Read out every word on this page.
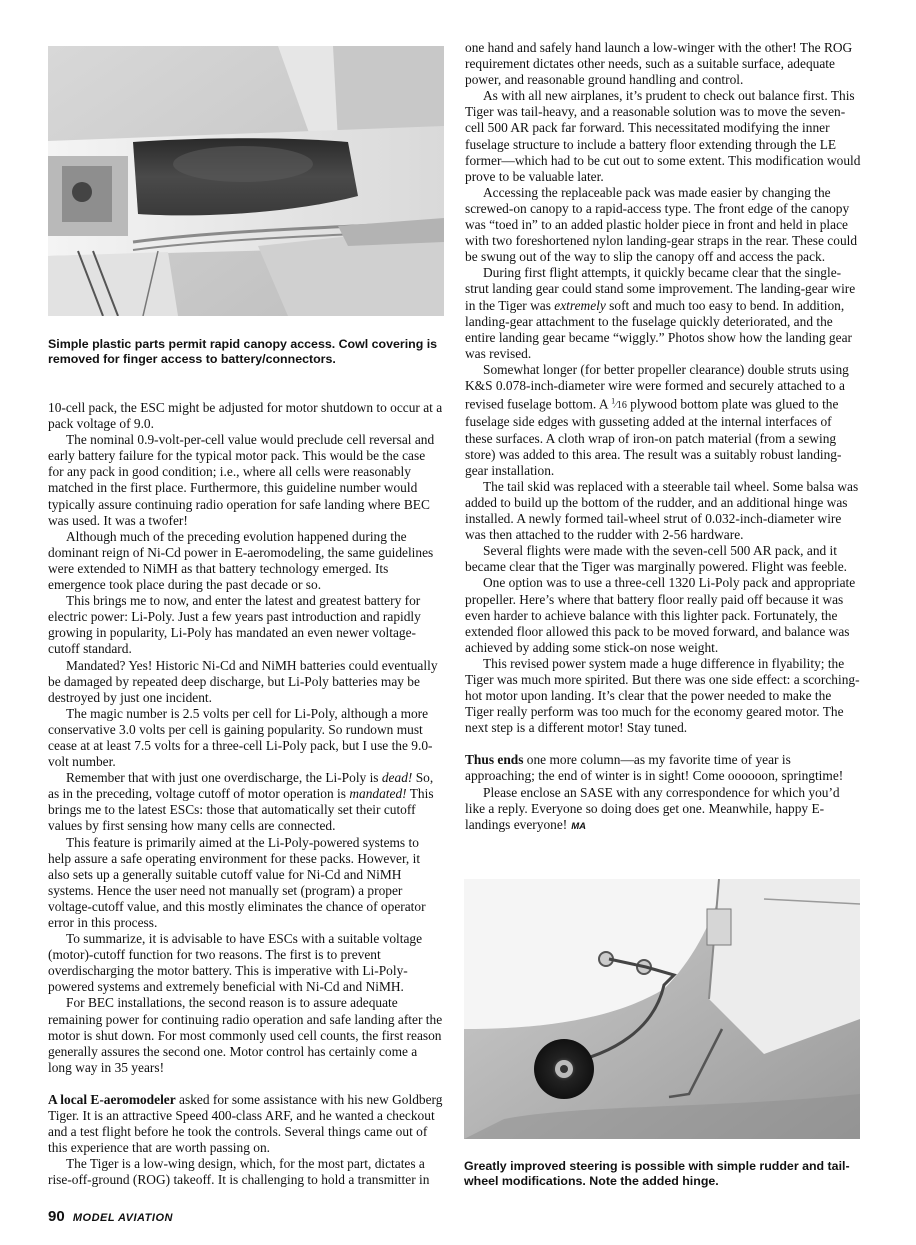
Simple plastic parts permit rapid canopy access. Cowl covering is removed for finger access to battery/connectors.

10-cell pack, the ESC might be adjusted for motor shutdown to occur at a pack voltage of 9.0.

The nominal 0.9-volt-per-cell value would preclude cell reversal and early battery failure for the typical motor pack. This would be the case for any pack in good condition; i.e., where all cells were reasonably matched in the first place. Furthermore, this guideline number would typically assure continuing radio operation for safe landing where BEC was used. It was a twofer!

Although much of the preceding evolution happened during the dominant reign of Ni-Cd power in E-aeromodeling, the same guidelines were extended to NiMH as that battery technology emerged. Its emergence took place during the past decade or so.

This brings me to now, and enter the latest and greatest battery for electric power: Li-Poly. Just a few years past introduction and rapidly growing in popularity, Li-Poly has mandated an even newer voltage-cutoff standard.

Mandated? Yes! Historic Ni-Cd and NiMH batteries could eventually be damaged by repeated deep discharge, but Li-Poly batteries may be destroyed by just one incident.

The magic number is 2.5 volts per cell for Li-Poly, although a more conservative 3.0 volts per cell is gaining popularity. So rundown must cease at at least 7.5 volts for a three-cell Li-Poly pack, but I use the 9.0-volt number.

Remember that with just one overdischarge, the Li-Poly is dead! So, as in the preceding, voltage cutoff of motor operation is mandated! This brings me to the latest ESCs: those that automatically set their cutoff values by first sensing how many cells are connected.

This feature is primarily aimed at the Li-Poly-powered systems to help assure a safe operating environment for these packs. However, it also sets up a generally suitable cutoff value for Ni-Cd and NiMH systems. Hence the user need not manually set (program) a proper voltage-cutoff value, and this mostly eliminates the chance of operator error in this process.

To summarize, it is advisable to have ESCs with a suitable voltage (motor)-cutoff function for two reasons. The first is to prevent overdischarging the motor battery. This is imperative with Li-Poly-powered systems and extremely beneficial with Ni-Cd and NiMH.

For BEC installations, the second reason is to assure adequate remaining power for continuing radio operation and safe landing after the motor is shut down. For most commonly used cell counts, the first reason generally assures the second one. Motor control has certainly come a long way in 35 years!

A local E-aeromodeler asked for some assistance with his new Goldberg Tiger. It is an attractive Speed 400-class ARF, and he wanted a checkout and a test flight before he took the controls. Several things came out of this experience that are worth passing on.

The Tiger is a low-wing design, which, for the most part, dictates a rise-off-ground (ROG) takeoff. It is challenging to hold a transmitter in

one hand and safely hand launch a low-winger with the other! The ROG requirement dictates other needs, such as a suitable surface, adequate power, and reasonable ground handling and control.

As with all new airplanes, it’s prudent to check out balance first. This Tiger was tail-heavy, and a reasonable solution was to move the seven-cell 500 AR pack far forward. This necessitated modifying the inner fuselage structure to include a battery floor extending through the LE former—which had to be cut out to some extent. This modification would prove to be valuable later.

Accessing the replaceable pack was made easier by changing the screwed-on canopy to a rapid-access type. The front edge of the canopy was “toed in” to an added plastic holder piece in front and held in place with two foreshortened nylon landing-gear straps in the rear. These could be swung out of the way to slip the canopy off and access the pack.

During first flight attempts, it quickly became clear that the single-strut landing gear could stand some improvement. The landing-gear wire in the Tiger was extremely soft and much too easy to bend. In addition, landing-gear attachment to the fuselage quickly deteriorated, and the entire landing gear became “wiggly.” Photos show how the landing gear was revised.

Somewhat longer (for better propeller clearance) double struts using K&S 0.078-inch-diameter wire were formed and securely attached to a revised fuselage bottom. A $^1$⁄16 plywood bottom plate was glued to the fuselage side edges with gusseting added at the internal interfaces of these surfaces. A cloth wrap of iron-on patch material (from a sewing store) was added to this area. The result was a suitably robust landing-gear installation.

The tail skid was replaced with a steerable tail wheel. Some balsa was added to build up the bottom of the rudder, and an additional hinge was installed. A newly formed tail-wheel strut of 0.032-inch-diameter wire was then attached to the rudder with 2-56 hardware.

Several flights were made with the seven-cell 500 AR pack, and it became clear that the Tiger was marginally powered. Flight was feeble.

One option was to use a three-cell 1320 Li-Poly pack and appropriate propeller. Here’s where that battery floor really paid off because it was even harder to achieve balance with this lighter pack. Fortunately, the extended floor allowed this pack to be moved forward, and balance was achieved by adding some stick-on nose weight.

This revised power system made a huge difference in flyability; the Tiger was much more spirited. But there was one side effect: a scorching-hot motor upon landing. It’s clear that the power needed to make the Tiger really perform was too much for the economy geared motor. The next step is a different motor! Stay tuned.

Thus ends one more column—as my favorite time of year is approaching; the end of winter is in sight! Come oooooon, springtime!

Please enclose an SASE with any correspondence for which you’d like a reply. Everyone so doing does get one. Meanwhile, happy E-landings everyone! MA

Greatly improved steering is possible with simple rudder and tail-wheel modifications. Note the added hinge.
90 MODEL AVIATION
